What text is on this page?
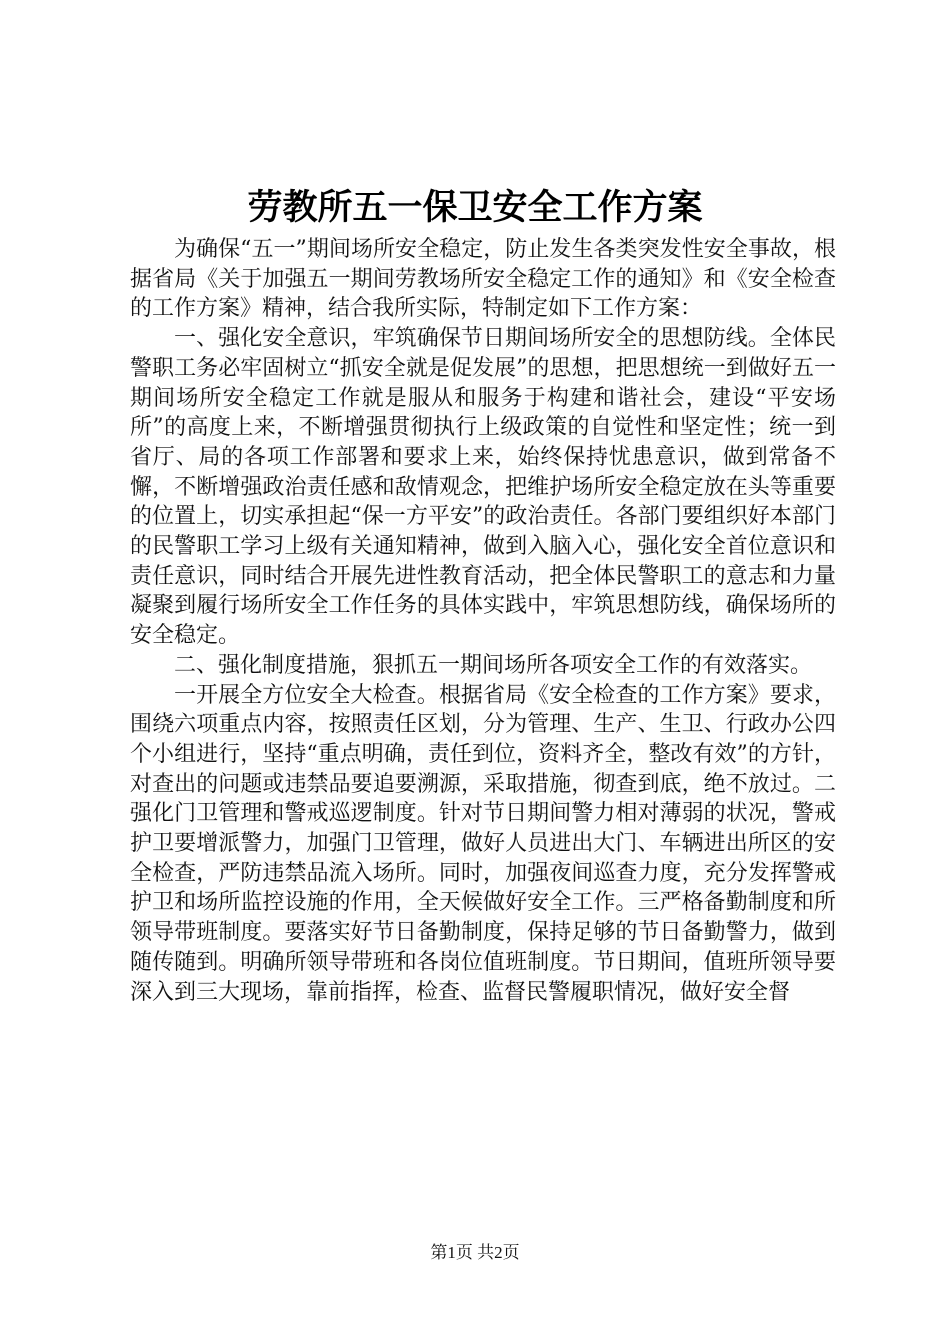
劳教所五一保卫安全工作方案

为确保“五一”期间场所安全稳定，防止发生各类突发性安全事故，根据省局《关于加强五一期间劳教场所安全稳定工作的通知》和《安全检查的工作方案》精神，结合我所实际，特制定如下工作方案：

一、强化安全意识，牢筑确保节日期间场所安全的思想防线。全体民警职工务必牢固树立“抓安全就是促发展”的思想，把思想统一到做好五一期间场所安全稳定工作就是服从和服务于构建和谐社会，建设“平安场所”的高度上来，不断增强贯彻执行上级政策的自觉性和坚定性；统一到省厅、局的各项工作部署和要求上来，始终保持忧患意识，做到常备不懈，不断增强政治责任感和敌情观念，把维护场所安全稳定放在头等重要的位置上，切实承担起“保一方平安”的政治责任。各部门要组织好本部门的民警职工学习上级有关通知精神，做到入脑入心，强化安全首位意识和责任意识，同时结合开展先进性教育活动，把全体民警职工的意志和力量凝聚到履行场所安全工作任务的具体实践中，牢筑思想防线，确保场所的安全稳定。

二、强化制度措施，狠抓五一期间场所各项安全工作的有效落实。

一开展全方位安全大检查。根据省局《安全检查的工作方案》要求，围绕六项重点内容，按照责任区划，分为管理、生产、生卫、行政办公四个小组进行，坚持“重点明确，责任到位，资料齐全，整改有效”的方针，对查出的问题或违禁品要追要溯源，采取措施，彻查到底，绝不放过。二强化门卫管理和警戒巡逻制度。针对节日期间警力相对薄弱的状况，警戒护卫要增派警力，加强门卫管理，做好人员进出大门、车辆进出所区的安全检查，严防违禁品流入场所。同时，加强夜间巡查力度，充分发挥警戒护卫和场所监控设施的作用，全天候做好安全工作。三严格备勤制度和所领导带班制度。要落实好节日备勤制度，保持足够的节日备勤警力，做到随传随到。明确所领导带班和各岗位值班制度。节日期间，值班所领导要深入到三大现场，靠前指挥，检查、监督民警履职情况，做好安全督

第1页 共2页
